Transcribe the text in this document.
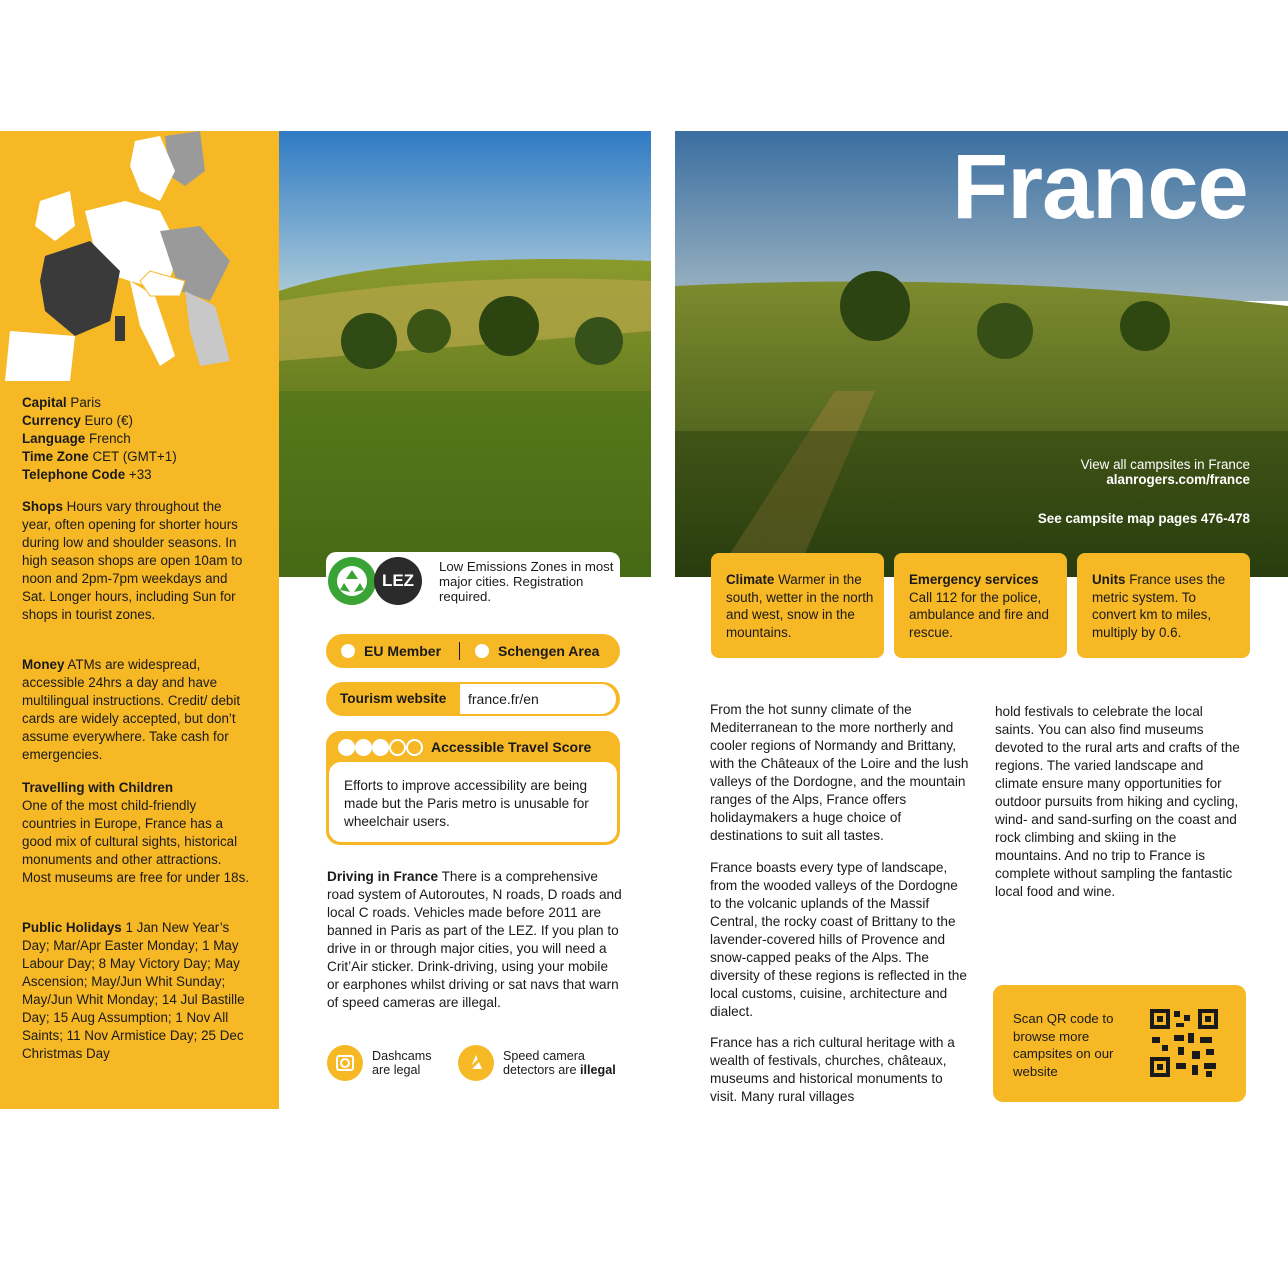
Capital Paris

Currency Euro (€)

Language French

Time Zone CET (GMT+1)

Telephone Code +33

Shops Hours vary throughout the year, often opening for shorter hours during low and shoulder seasons. In high season shops are open 10am to noon and 2pm-7pm weekdays and Sat. Longer hours, including Sun for shops in tourist zones.
Money ATMs are widespread, accessible 24hrs a day and have multilingual instructions. Credit/ debit cards are widely accepted, but don’t assume everywhere. Take cash for emergencies.
Travelling with Children
One of the most child-friendly countries in Europe, France has a good mix of cultural sights, historical monuments and other attractions. Most museums are free for under 18s.
Public Holidays 1 Jan New Year’s Day; Mar/Apr Easter Monday; 1 May Labour Day; 8 May Victory Day; May Ascension; May/Jun Whit Sunday; May/Jun Whit Monday; 14 Jul Bastille Day; 15 Aug Assumption; 1 Nov All Saints; 11 Nov Armistice Day; 25 Dec Christmas Day
France
View all campsites in France
alanrogers.com/france
See campsite map pages 476-478
LEZ
Low Emissions Zones in most major cities. Registration required.
EU Member	Schengen Area
Tourism website france.fr/en
Accessible Travel Score
Efforts to improve accessibility are being made but the Paris metro is unusable for wheelchair users.
Driving in France There is a comprehensive road system of Autoroutes, N roads, D roads and local C roads. Vehicles made before 2011 are banned in Paris as part of the LEZ. If you plan to drive in or through major cities, you will need a Crit’Air sticker. Drink-driving, using your mobile or earphones whilst driving or sat navs that warn of speed cameras are illegal.
Dashcams
are legal
Speed camera
detectors are illegal
Climate Warmer in the south, wetter in the north and west, snow in the mountains.
Emergency services Call 112 for the police, ambulance and fire and rescue.
Units France uses the metric system. To convert km to miles, multiply by 0.6.
From the hot sunny climate of the Mediterranean to the more northerly and cooler regions of Normandy and Brittany, with the Châteaux of the Loire and the lush valleys of the Dordogne, and the mountain ranges of the Alps, France offers holidaymakers a huge choice of destinations to suit all tastes.
France boasts every type of landscape, from the wooded valleys of the Dordogne to the volcanic uplands of the Massif Central, the rocky coast of Brittany to the lavender-covered hills of Provence and snow-capped peaks of the Alps. The diversity of these regions is reflected in the local customs, cuisine, architecture and dialect.
France has a rich cultural heritage with a wealth of festivals, churches, châteaux, museums and historical monuments to visit. Many rural villages
hold festivals to celebrate the local saints. You can also find museums devoted to the rural arts and crafts of the regions. The varied landscape and climate ensure many opportunities for outdoor pursuits from hiking and cycling, wind- and sand-surfing on the coast and rock climbing and skiing in the mountains. And no trip to France is complete without sampling the fantastic local food and wine.
Scan QR code to browse more campsites on our website
